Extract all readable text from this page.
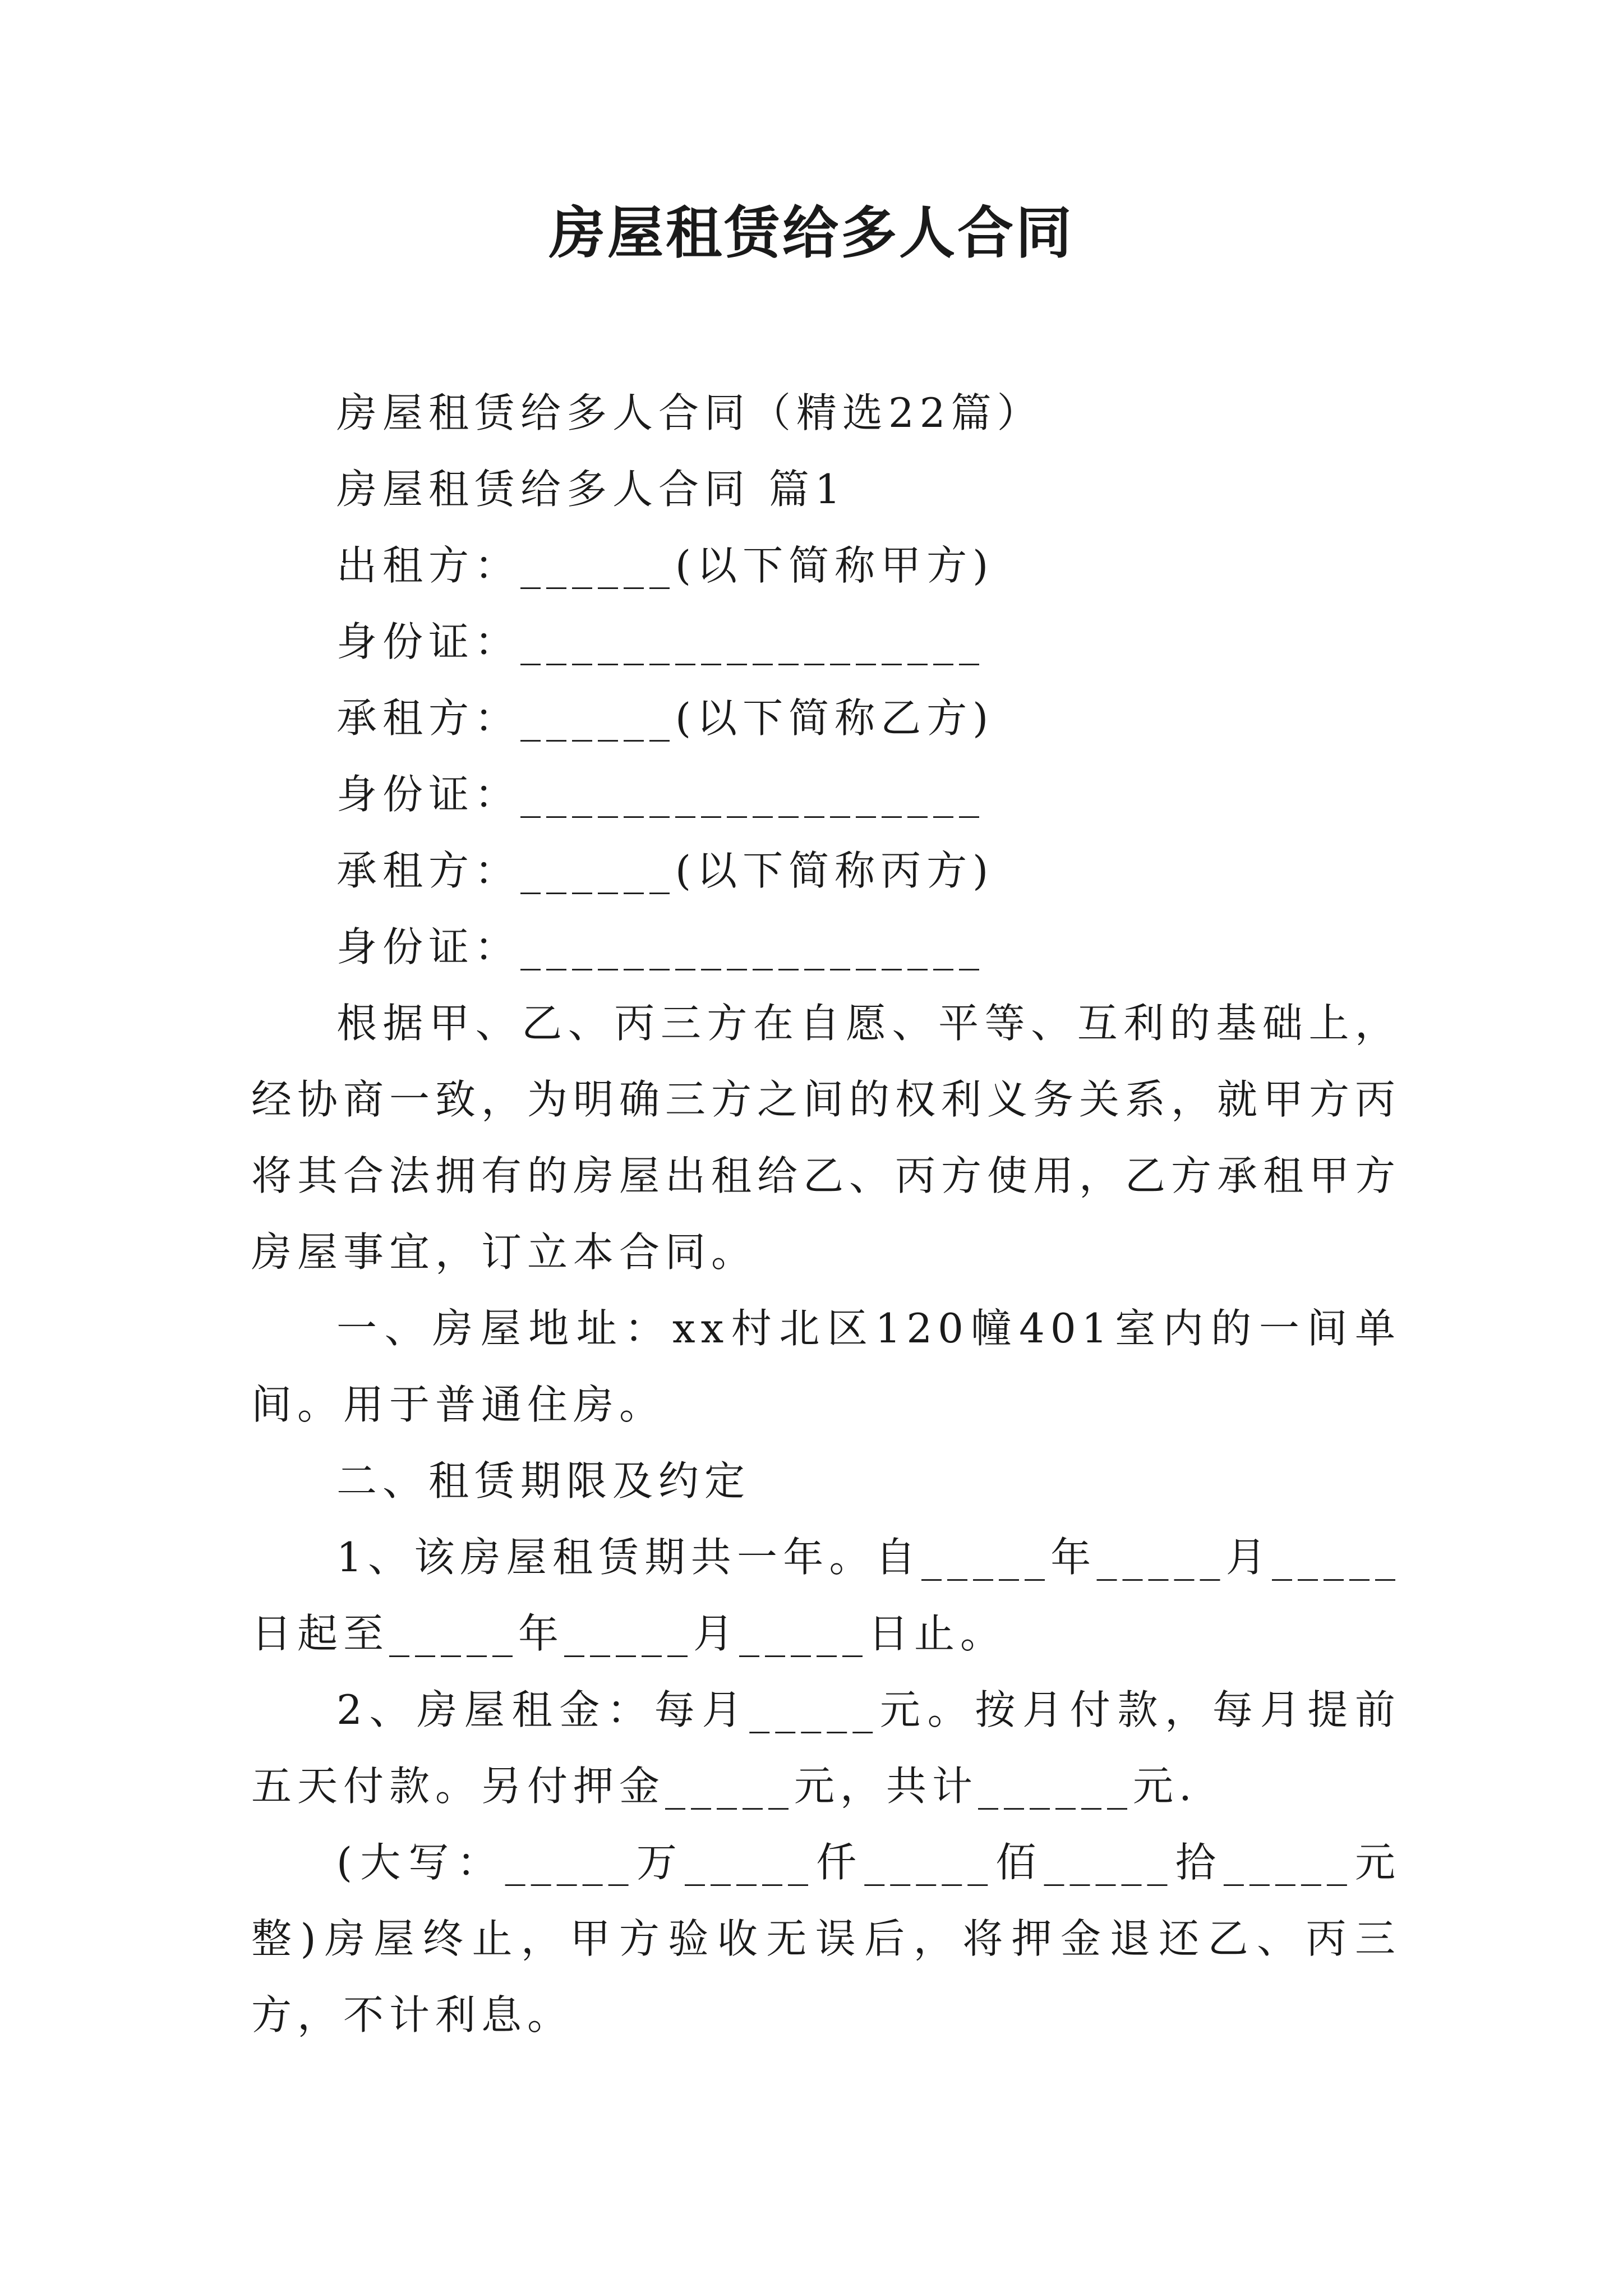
房屋租赁给多人合同
房屋租赁给多人合同（精选22篇）
房屋租赁给多人合同 篇1
出租方：______(以下简称甲方)
身份证：__________________
承租方：______(以下简称乙方)
身份证：__________________
承租方：______(以下简称丙方)
身份证：__________________
根据甲、乙、丙三方在自愿、平等、互利的基础上，经协商一致，为明确三方之间的权利义务关系，就甲方丙将其合法拥有的房屋出租给乙、丙方使用，乙方承租甲方房屋事宜，订立本合同。
一、房屋地址：xx村北区120幢401室内的一间单间。用于普通住房。
二、租赁期限及约定
1、该房屋租赁期共一年。自_____年_____月_____日起至_____年_____月_____日止。
2、房屋租金：每月_____元。按月付款，每月提前五天付款。另付押金_____元，共计______元.
(大写：_____万_____仟_____佰_____拾_____元整)房屋终止，甲方验收无误后，将押金退还乙、丙三方，不计利息。
